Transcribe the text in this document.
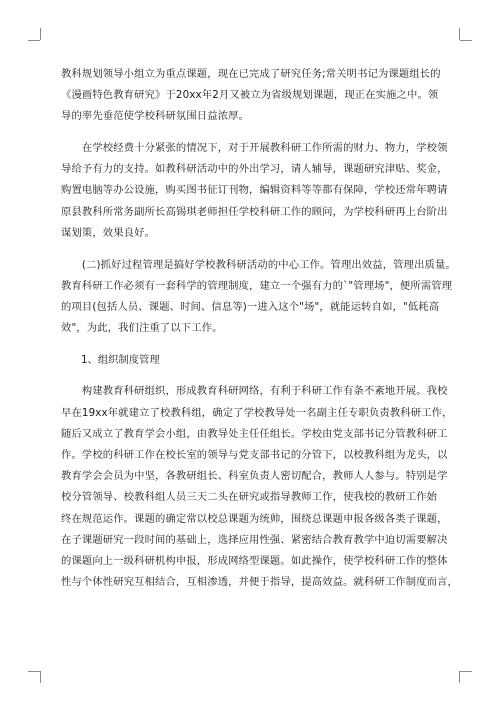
教科规划领导小组立为重点课题，现在已完成了研究任务;常关明书记为课题组长的

《漫画特色教育研究》于20xx年2月又被立为省级规划课题，现正在实施之中。领

导的率先垂范使学校科研氛围日益浓厚。

　　在学校经费十分紧张的情况下，对于开展教科研工作所需的财力、物力，学校领

导给予有力的支持。如教科研活动中的外出学习，请人辅导，课题研究津贴、奖金，

购置电脑等办公设施，购买图书征订刊物，编辑资料等等都有保障，学校还常年聘请

原县教科所常务副所长高锡琪老师担任学校科研工作的顾问，为学校科研再上台阶出

谋划策，效果良好。

　　(二)抓好过程管理是搞好学校教科研活动的中心工作。管理出效益，管理出质量。

教育科研工作必须有一套科学的管理制度，建立一个强有力的`"管理场"，便所需管理

的项目(包括人员、课题、时间、信息等)一进入这个"场"，就能运转自如，"低耗高

效"，为此，我们注重了以下工作。

1、组织制度管理

　　构建教育科研组织，形成教育科研网络，有利于科研工作有条不紊地开展。我校

早在19xx年就建立了校教科组，确定了学校教导处一名副主任专职负责教科研工作，

随后又成立了教育学会小组，由教导处主任任组长。学校由党支部书记分管教科研工

作。学校的科研工作在校长室的领导与党支部书记的分管下，以校教科组为龙头，以

教育学会会员为中坚，各教研组长、科室负责人密切配合，教师人人参与。特别是学

校分管领导、校教科组人员三天二头在研究或指导教师工作，使我校的教研工作始

终在规范运作。课题的确定常以校总课题为统帅，围绕总课题申报各级各类子课题，

在子课题研究一段时间的基础上，选择应用性强、紧密结合教育教学中迫切需要解决

的课题向上一级科研机构申报，形成网络型课题。如此操作，使学校科研工作的整体

性与个体性研究互相结合，互相渗透，并便于指导，提高效益。就科研工作制度而言，
